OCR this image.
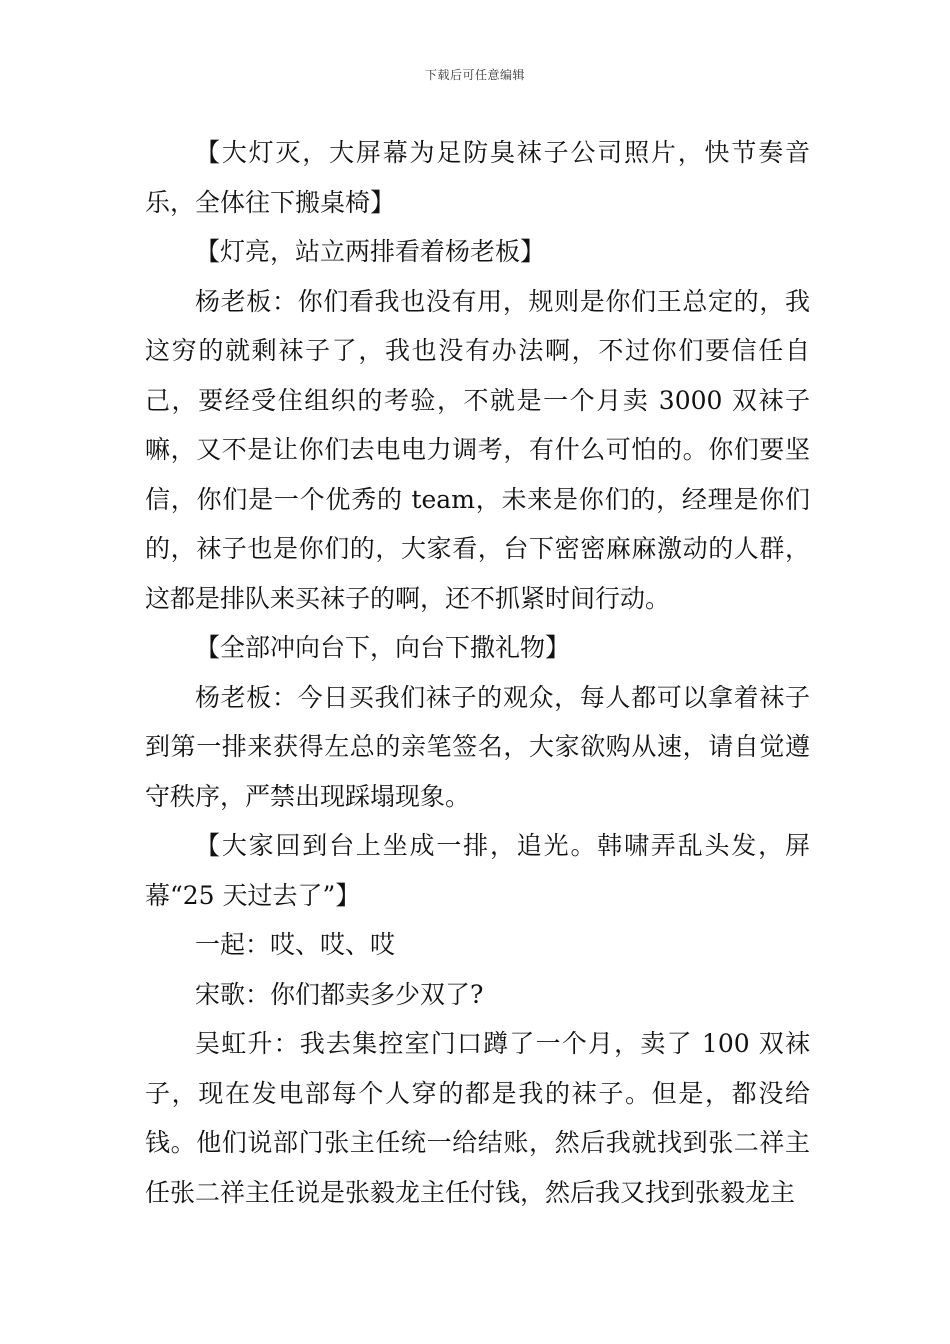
下载后可任意编辑

【大灯灭，大屏幕为足防臭袜子公司照片，快节奏音乐，全体往下搬桌椅】

【灯亮，站立两排看着杨老板】

杨老板：你们看我也没有用，规则是你们王总定的，我这穷的就剩袜子了，我也没有办法啊，不过你们要信任自己，要经受住组织的考验，不就是一个月卖 3000 双袜子嘛，又不是让你们去电电力调考，有什么可怕的。你们要坚信，你们是一个优秀的 team，未来是你们的，经理是你们的，袜子也是你们的，大家看，台下密密麻麻激动的人群，这都是排队来买袜子的啊，还不抓紧时间行动。

【全部冲向台下，向台下撒礼物】

杨老板：今日买我们袜子的观众，每人都可以拿着袜子到第一排来获得左总的亲笔签名，大家欲购从速，请自觉遵守秩序，严禁出现踩塌现象。

【大家回到台上坐成一排，追光。韩啸弄乱头发，屏幕“25 天过去了”】

一起：哎、哎、哎

宋歌：你们都卖多少双了?

吴虹升：我去集控室门口蹲了一个月，卖了 100 双袜子，现在发电部每个人穿的都是我的袜子。但是，都没给钱。他们说部门张主任统一给结账，然后我就找到张二祥主任张二祥主任说是张毅龙主任付钱，然后我又找到张毅龙主
